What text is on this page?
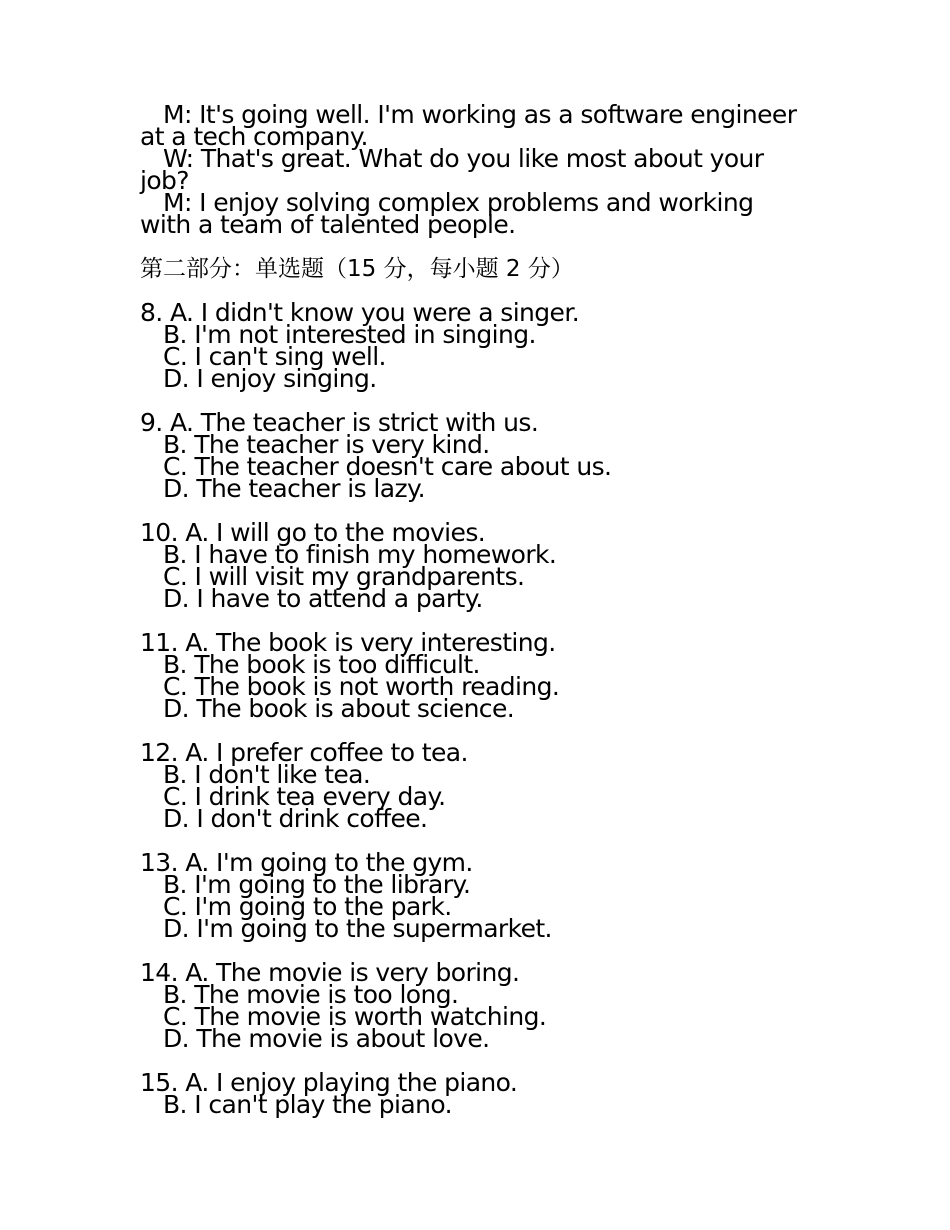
M: It's going well. I'm working as a software engineer
at a tech company.
W: That's great. What do you like most about your
job?
M: I enjoy solving complex problems and working
with a team of talented people.
第二部分：单选题（15 分，每小题 2 分）
8. A. I didn't know you were a singer.
B. I'm not interested in singing.
C. I can't sing well.
D. I enjoy singing.
9. A. The teacher is strict with us.
B. The teacher is very kind.
C. The teacher doesn't care about us.
D. The teacher is lazy.
10. A. I will go to the movies.
B. I have to finish my homework.
C. I will visit my grandparents.
D. I have to attend a party.
11. A. The book is very interesting.
B. The book is too difficult.
C. The book is not worth reading.
D. The book is about science.
12. A. I prefer coffee to tea.
B. I don't like tea.
C. I drink tea every day.
D. I don't drink coffee.
13. A. I'm going to the gym.
B. I'm going to the library.
C. I'm going to the park.
D. I'm going to the supermarket.
14. A. The movie is very boring.
B. The movie is too long.
C. The movie is worth watching.
D. The movie is about love.
15. A. I enjoy playing the piano.
B. I can't play the piano.
